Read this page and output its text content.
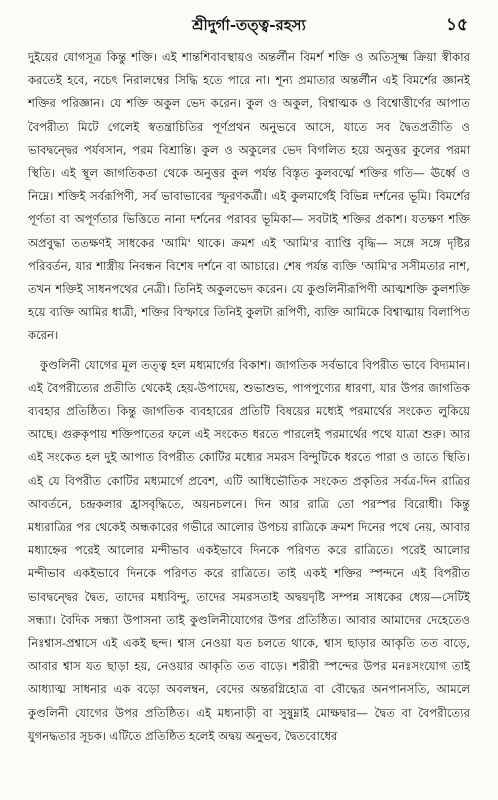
শ্রীদুর্গা-তত্ত্ব-রহস্য	১৫

দুইয়ের যোগসূত্র কিন্তু শক্তি। এই শান্তশিবাবস্থায়ও অন্তর্লীন বিমর্শ শক্তি ও অতিসূক্ষ্ম ক্রিয়া স্বীকার করতেই হবে, নচেৎ নিরালম্বের সিদ্ধি হতে পারে না। শূন্য প্রমাতার অন্তর্লীন এই বিমর্শের জ্ঞানই শক্তির পরিজ্ঞান। যে শক্তি অকুল ভেদ করেন। কুল ও অকুল, বিশ্বাত্মক ও বিশ্বোত্তীর্ণের আপাত বৈপরীত্য মিটে গেলেই স্বতন্ত্রাচিতির পূর্ণপ্রথন অনুভবে আসে, যাতে সব দ্বৈতপ্রতীতি ও ভাবদ্বন্দ্বের পর্যবসান, পরম বিশ্রান্তি। কুল ও অকুলের ভেদ বিগলিত হয়ে অনুত্তর কুলের পরমা স্থিতি। এই স্থূল জাগতিকতা থেকে অনুত্তর কুল পর্যন্ত বিস্তৃত কুলবর্ত্মে শক্তির গতি— ঊর্ধ্বে ও নিম্নে। শক্তিই সর্বরূপিণী, সর্ব ভাবাভাবের স্ফূরণকর্ত্রী। এই কুলমার্গেই বিভিন্ন দর্শনের ভূমি। বিমর্শের পূর্ণতা বা অপূর্ণতার ভিত্তিতে নানা দর্শনের পরাবর ভূমিকা— সবটাই শক্তির প্রকাশ। যতক্ষণ শক্তি অপ্রবুদ্ধা ততক্ষণই সাধকের 'আমি' থাকে। ক্রমশ এই 'আমি'র ব্যাপ্তি বৃদ্ধি— সঙ্গে সঙ্গে দৃষ্টির পরিবর্তন, যার শাস্ত্রীয় নিবন্ধন বিশেষ দর্শনে বা আচারে। শেষ পর্যন্ত ব্যক্তি 'আমি'র সসীমতার নাশ, তখন শক্তিই সাধনপথের নেত্রী। তিনিই অকুলভেদ করেন। যে কুণ্ডলিনীরূপিণী আত্মশক্তি কুলশক্তি হয়ে ব্যক্তি আমির ধাত্রী, শক্তির বিস্ফারে তিনিই কুলটা রূপিণী, ব্যক্তি আমিকে বিশ্বাত্মায় বিলাপিত করেন।

কুণ্ডলিনী যোগের মূল তত্ত্ব হল মধ্যমার্গের বিকাশ। জাগতিক সর্বভাবে বিপরীত ভাবে বিদ্যমান। এই বৈপরীত্যের প্রতীতি থেকেই হেয়-উপাদেয়, শুভাশুভ, পাপপুণ্যের ধারণা, যার উপর জাগতিক ব্যবহার প্রতিষ্ঠিত। কিন্তু জাগতিক ব্যবহারের প্রতিটি বিষয়ের মধ্যেই পরমার্থের সংকেত লুকিয়ে আছে। গুরুকৃপায় শক্তিপাতের ফলে এই সংকেত ধরতে পারলেই পরমার্থের পথে যাত্রা শুরু। আর এই সংকেত হল দুই আপাত বিপরীত কোটির মধ্যের সমরস বিন্দুটিকে ধরতে পারা ও তাতে স্থিতি। এই যে বিপরীত কোটির মধ্যমার্গে প্রবেশ, এটি আধিভৌতিক সংকেত প্রকৃতির সর্বত্র-দিন রাত্রির আবর্তনে, চন্দ্রকলার হ্রাসবৃদ্ধিতে, অয়নচলনে। দিন আর রাত্রি তো পরস্পর বিরোধী। কিন্তু মধ্যরাত্রির পর থেকেই অন্ধকারের গভীরে আলোর উপচয় রাত্রিকে ক্রমশ দিনের পথে নেয়, আবার মধ্যাহ্নের পরেই আলোর মন্দীভাব একইভাবে দিনকে পরিণত করে রাত্রিতে। পরেই আলোর মন্দীভাব একইভাবে দিনকে পরিণত করে রাত্রিতে। তাই একই শক্তির স্পন্দনে এই বিপরীত ভাবদ্বন্দ্বের দ্বৈত, তাদের মধ্যবিন্দু, তাদের সমরসতাই অদ্বয়দৃষ্টি সম্পন্ন সাধকের ধ্যেয়—সেটিই সন্ধ্যা। বৈদিক সন্ধ্যা উপাসনা তাই কুণ্ডলিনীযোগের উপর প্রতিষ্ঠিত। আবার আমাদের দেহেতেও নিঃশ্বাস-প্রশ্বাসে এই একই ছন্দ। শ্বাস নেওয়া যত চলতে থাকে, শ্বাস ছাড়ার আকৃতি তত বাড়ে, আবার শ্বাস যত ছাড়া হয়, নেওয়ার আকৃতি তত বাড়ে। শরীরী স্পন্দের উপর মনঃসংযোগ তাই আধ্যাত্ম সাধনার এক বড়ো অবলম্বন, বেদের অন্তরগ্নিহোত্র বা বৌদ্ধের অনপানসতি, আমলে কুণ্ডলিনী যোগের উপর প্রতিষ্ঠিত। এই মধ্যনাড়ী বা সুষুম্নাই মোক্ষদ্বার— দ্বৈত বা বৈপরীত্যের যুগনদ্ধতার সূচক। এটিতে প্রতিষ্ঠিত হলেই অদ্বয় অনুভব, দ্বৈতবোধের
